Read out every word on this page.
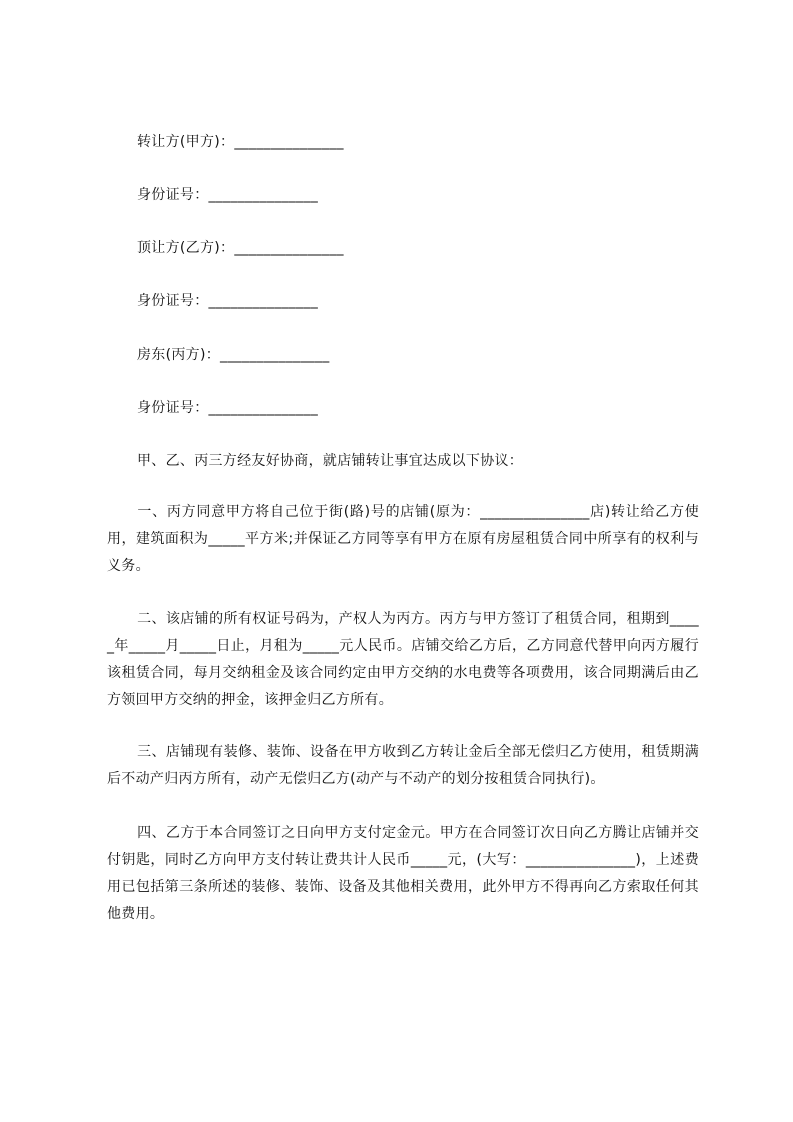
转让方(甲方)：_______________
身份证号：_______________
顶让方(乙方)：_______________
身份证号：_______________
房东(丙方)：_______________
身份证号：_______________
甲、乙、丙三方经友好协商，就店铺转让事宜达成以下协议：
一、丙方同意甲方将自己位于街(路)号的店铺(原为：_______________店)转让给乙方使用，建筑面积为_____平方米;并保证乙方同等享有甲方在原有房屋租赁合同中所享有的权利与义务。
二、该店铺的所有权证号码为，产权人为丙方。丙方与甲方签订了租赁合同，租期到_____年_____月_____日止，月租为_____元人民币。店铺交给乙方后，乙方同意代替甲向丙方履行该租赁合同，每月交纳租金及该合同约定由甲方交纳的水电费等各项费用，该合同期满后由乙方领回甲方交纳的押金，该押金归乙方所有。
三、店铺现有装修、装饰、设备在甲方收到乙方转让金后全部无偿归乙方使用，租赁期满后不动产归丙方所有，动产无偿归乙方(动产与不动产的划分按租赁合同执行)。
四、乙方于本合同签订之日向甲方支付定金元。甲方在合同签订次日向乙方腾让店铺并交付钥匙，同时乙方向甲方支付转让费共计人民币_____元，(大写：_______________)，上述费用已包括第三条所述的装修、装饰、设备及其他相关费用，此外甲方不得再向乙方索取任何其他费用。
